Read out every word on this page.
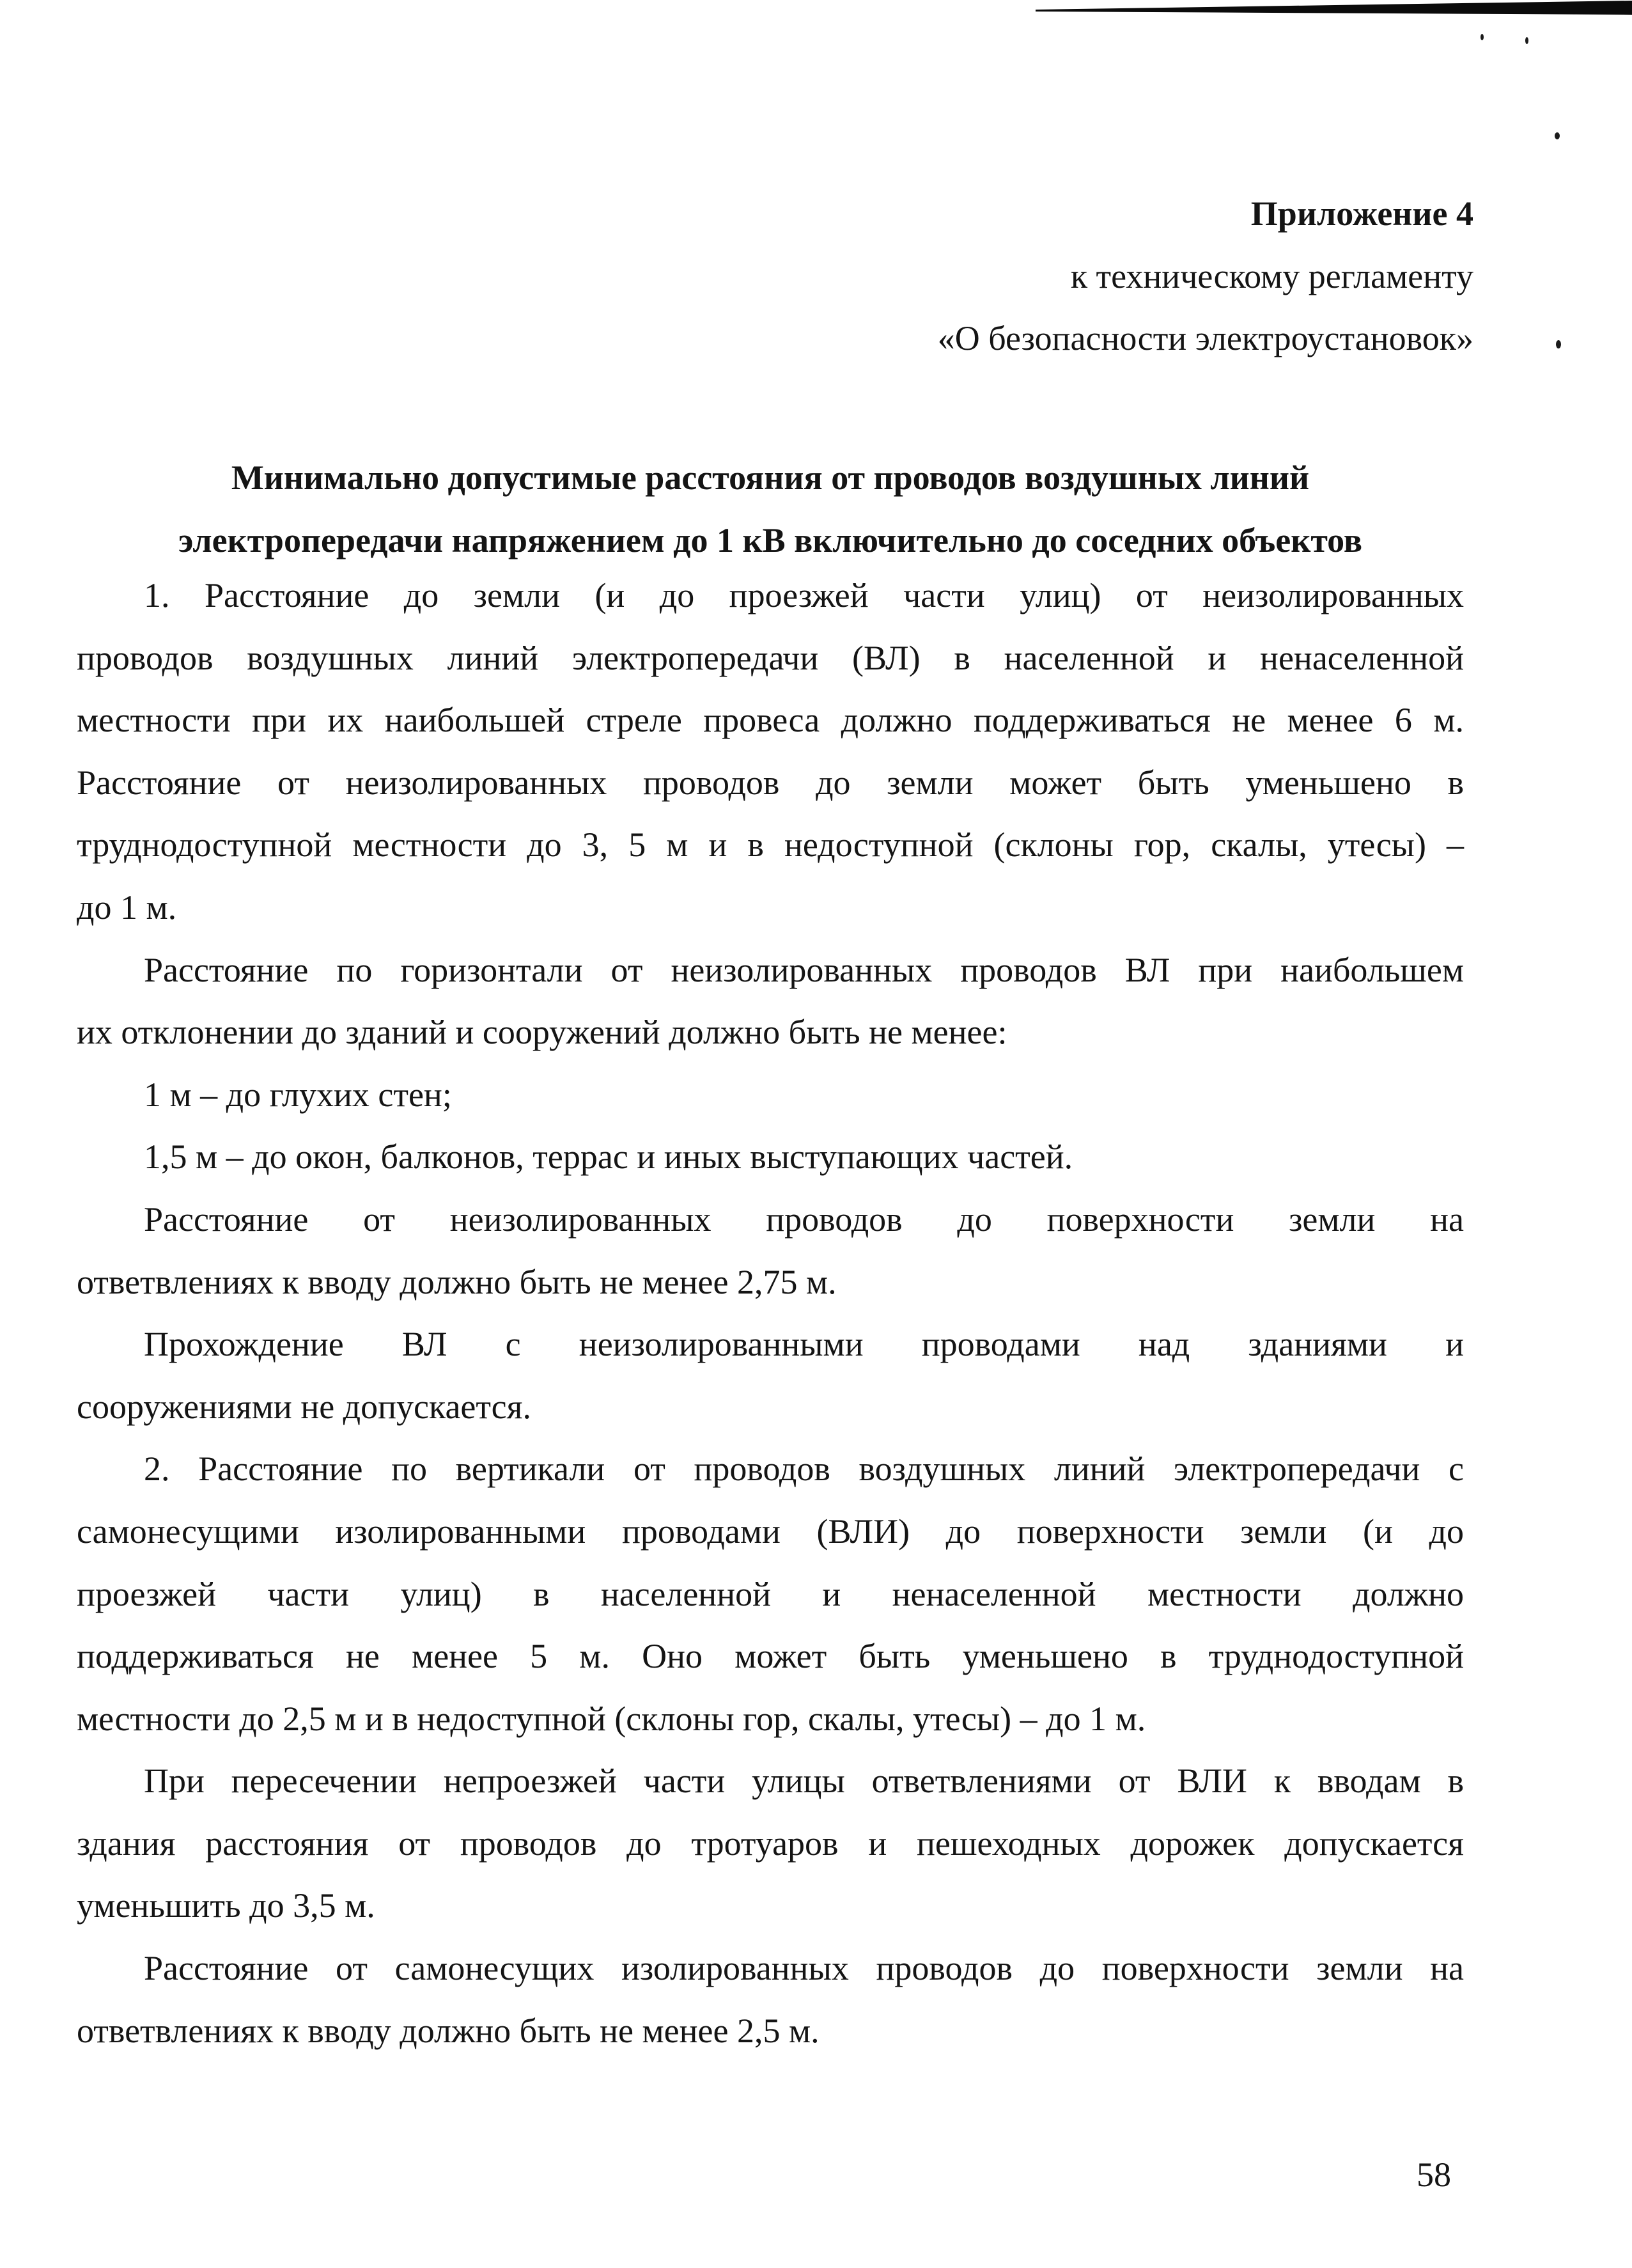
Приложение 4
к техническому регламенту
«О безопасности электроустановок»
Минимально допустимые расстояния от проводов воздушных линий
электропередачи напряжением до 1 кВ включительно до соседних объектов
1. Расстояние до земли (и до проезжей части улиц) от неизолированных
проводов воздушных линий электропередачи (ВЛ) в населенной и ненаселенной
местности при их наибольшей стреле провеса должно поддерживаться не менее 6 м.
Расстояние от неизолированных проводов до земли может быть уменьшено в
труднодоступной местности до 3, 5 м и в недоступной (склоны гор, скалы, утесы) –
до 1 м.
Расстояние по горизонтали от неизолированных проводов ВЛ при наибольшем
их отклонении до зданий и сооружений должно быть не менее:
1 м – до глухих стен;
1,5 м – до окон, балконов, террас и иных выступающих частей.
Расстояние от неизолированных проводов до поверхности земли на
ответвлениях к вводу должно быть не менее 2,75 м.
Прохождение ВЛ с неизолированными проводами над зданиями и
сооружениями не допускается.
2. Расстояние по вертикали от проводов воздушных линий электропередачи с
самонесущими изолированными проводами (ВЛИ) до поверхности земли (и до
проезжей части улиц) в населенной и ненаселенной местности должно
поддерживаться не менее 5 м. Оно может быть уменьшено в труднодоступной
местности до 2,5 м и в недоступной (склоны гор, скалы, утесы) – до 1 м.
При пересечении непроезжей части улицы ответвлениями от ВЛИ к вводам в
здания расстояния от проводов до тротуаров и пешеходных дорожек допускается
уменьшить до 3,5 м.
Расстояние от самонесущих изолированных проводов до поверхности земли на
ответвлениях к вводу должно быть не менее 2,5 м.
58
